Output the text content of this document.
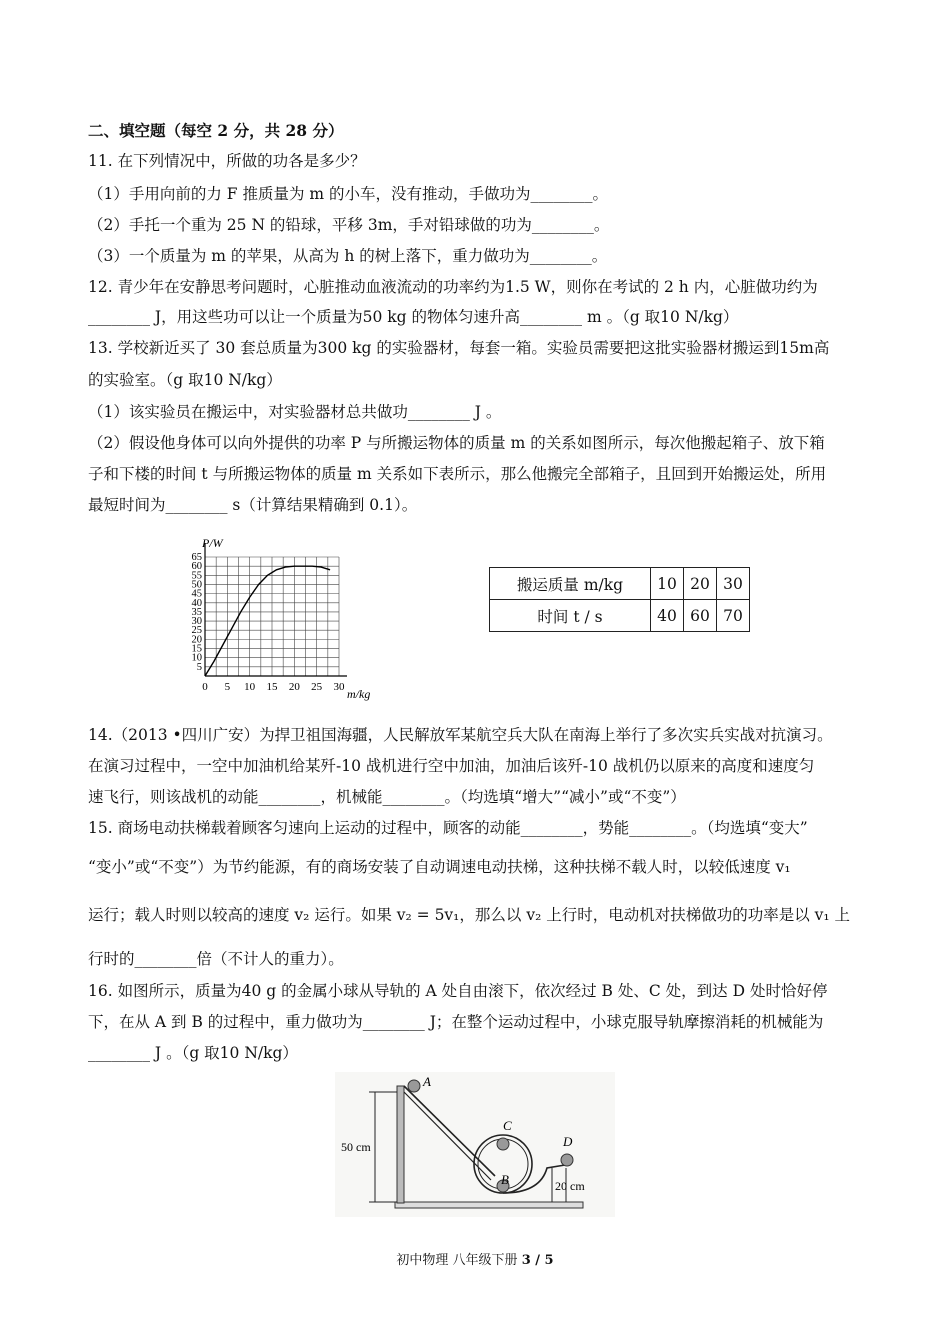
二、填空题（每空 2 分，共 28 分）
11. 在下列情况中，所做的功各是多少？
（1）手用向前的力 F 推质量为 m 的小车，没有推动，手做功为________。
（2）手托一个重为 25 N 的铅球，平移 3m，手对铅球做的功为________。
（3）一个质量为 m 的苹果，从高为 h 的树上落下，重力做功为________。
12. 青少年在安静思考问题时，心脏推动血液流动的功率约为1.5 W，则你在考试的 2 h 内，心脏做功约为
________ J，用这些功可以让一个质量为50 kg 的物体匀速升高________ m 。（g 取10 N/kg）
13. 学校新近买了 30 套总质量为300 kg 的实验器材，每套一箱。实验员需要把这批实验器材搬运到15m高
的实验室。（g 取10 N/kg）
（1）该实验员在搬运中，对实验器材总共做功________ J 。
（2）假设他身体可以向外提供的功率 P 与所搬运物体的质量 m 的关系如图所示，每次他搬起箱子、放下箱
子和下楼的时间 t 与所搬运物体的质量 m 关系如下表所示，那么他搬完全部箱子，且回到开始搬运处，所用
最短时间为________ s（计算结果精确到 0.1）。
5
10
15
20
25
30
35
40
45
50
55
60
65
0 5 10 15 20 25 30
P/W
m/kg
搬运质量 m/kg	10	20	30
时间 t / s	40	60	70
14.（2013 •四川广安）为捍卫祖国海疆，人民解放军某航空兵大队在南海上举行了多次实兵实战对抗演习。
在演习过程中，一空中加油机给某歼-10 战机进行空中加油，加油后该歼-10 战机仍以原来的高度和速度匀
速飞行，则该战机的动能________，机械能________。（均选填“增大”“减小”或“不变”）
15. 商场电动扶梯载着顾客匀速向上运动的过程中，顾客的动能________，势能________。（均选填“变大”
“变小”或“不变”）为节约能源，有的商场安装了自动调速电动扶梯，这种扶梯不载人时，以较低速度 v₁
运行；载人时则以较高的速度 v₂ 运行。如果 v₂ = 5v₁，那么以 v₂ 上行时，电动机对扶梯做功的功率是以 v₁ 上
行时的________倍（不计人的重力）。
16. 如图所示，质量为40 g 的金属小球从导轨的 A 处自由滚下，依次经过 B 处、C 处，到达 D 处时恰好停
下，在从 A 到 B 的过程中，重力做功为________ J；在整个运动过程中，小球克服导轨摩擦消耗的机械能为
________ J 。（g 取10 N/kg）
A
C
B
D
50 cm
20 cm
初中物理 八年级下册 3 / 5
